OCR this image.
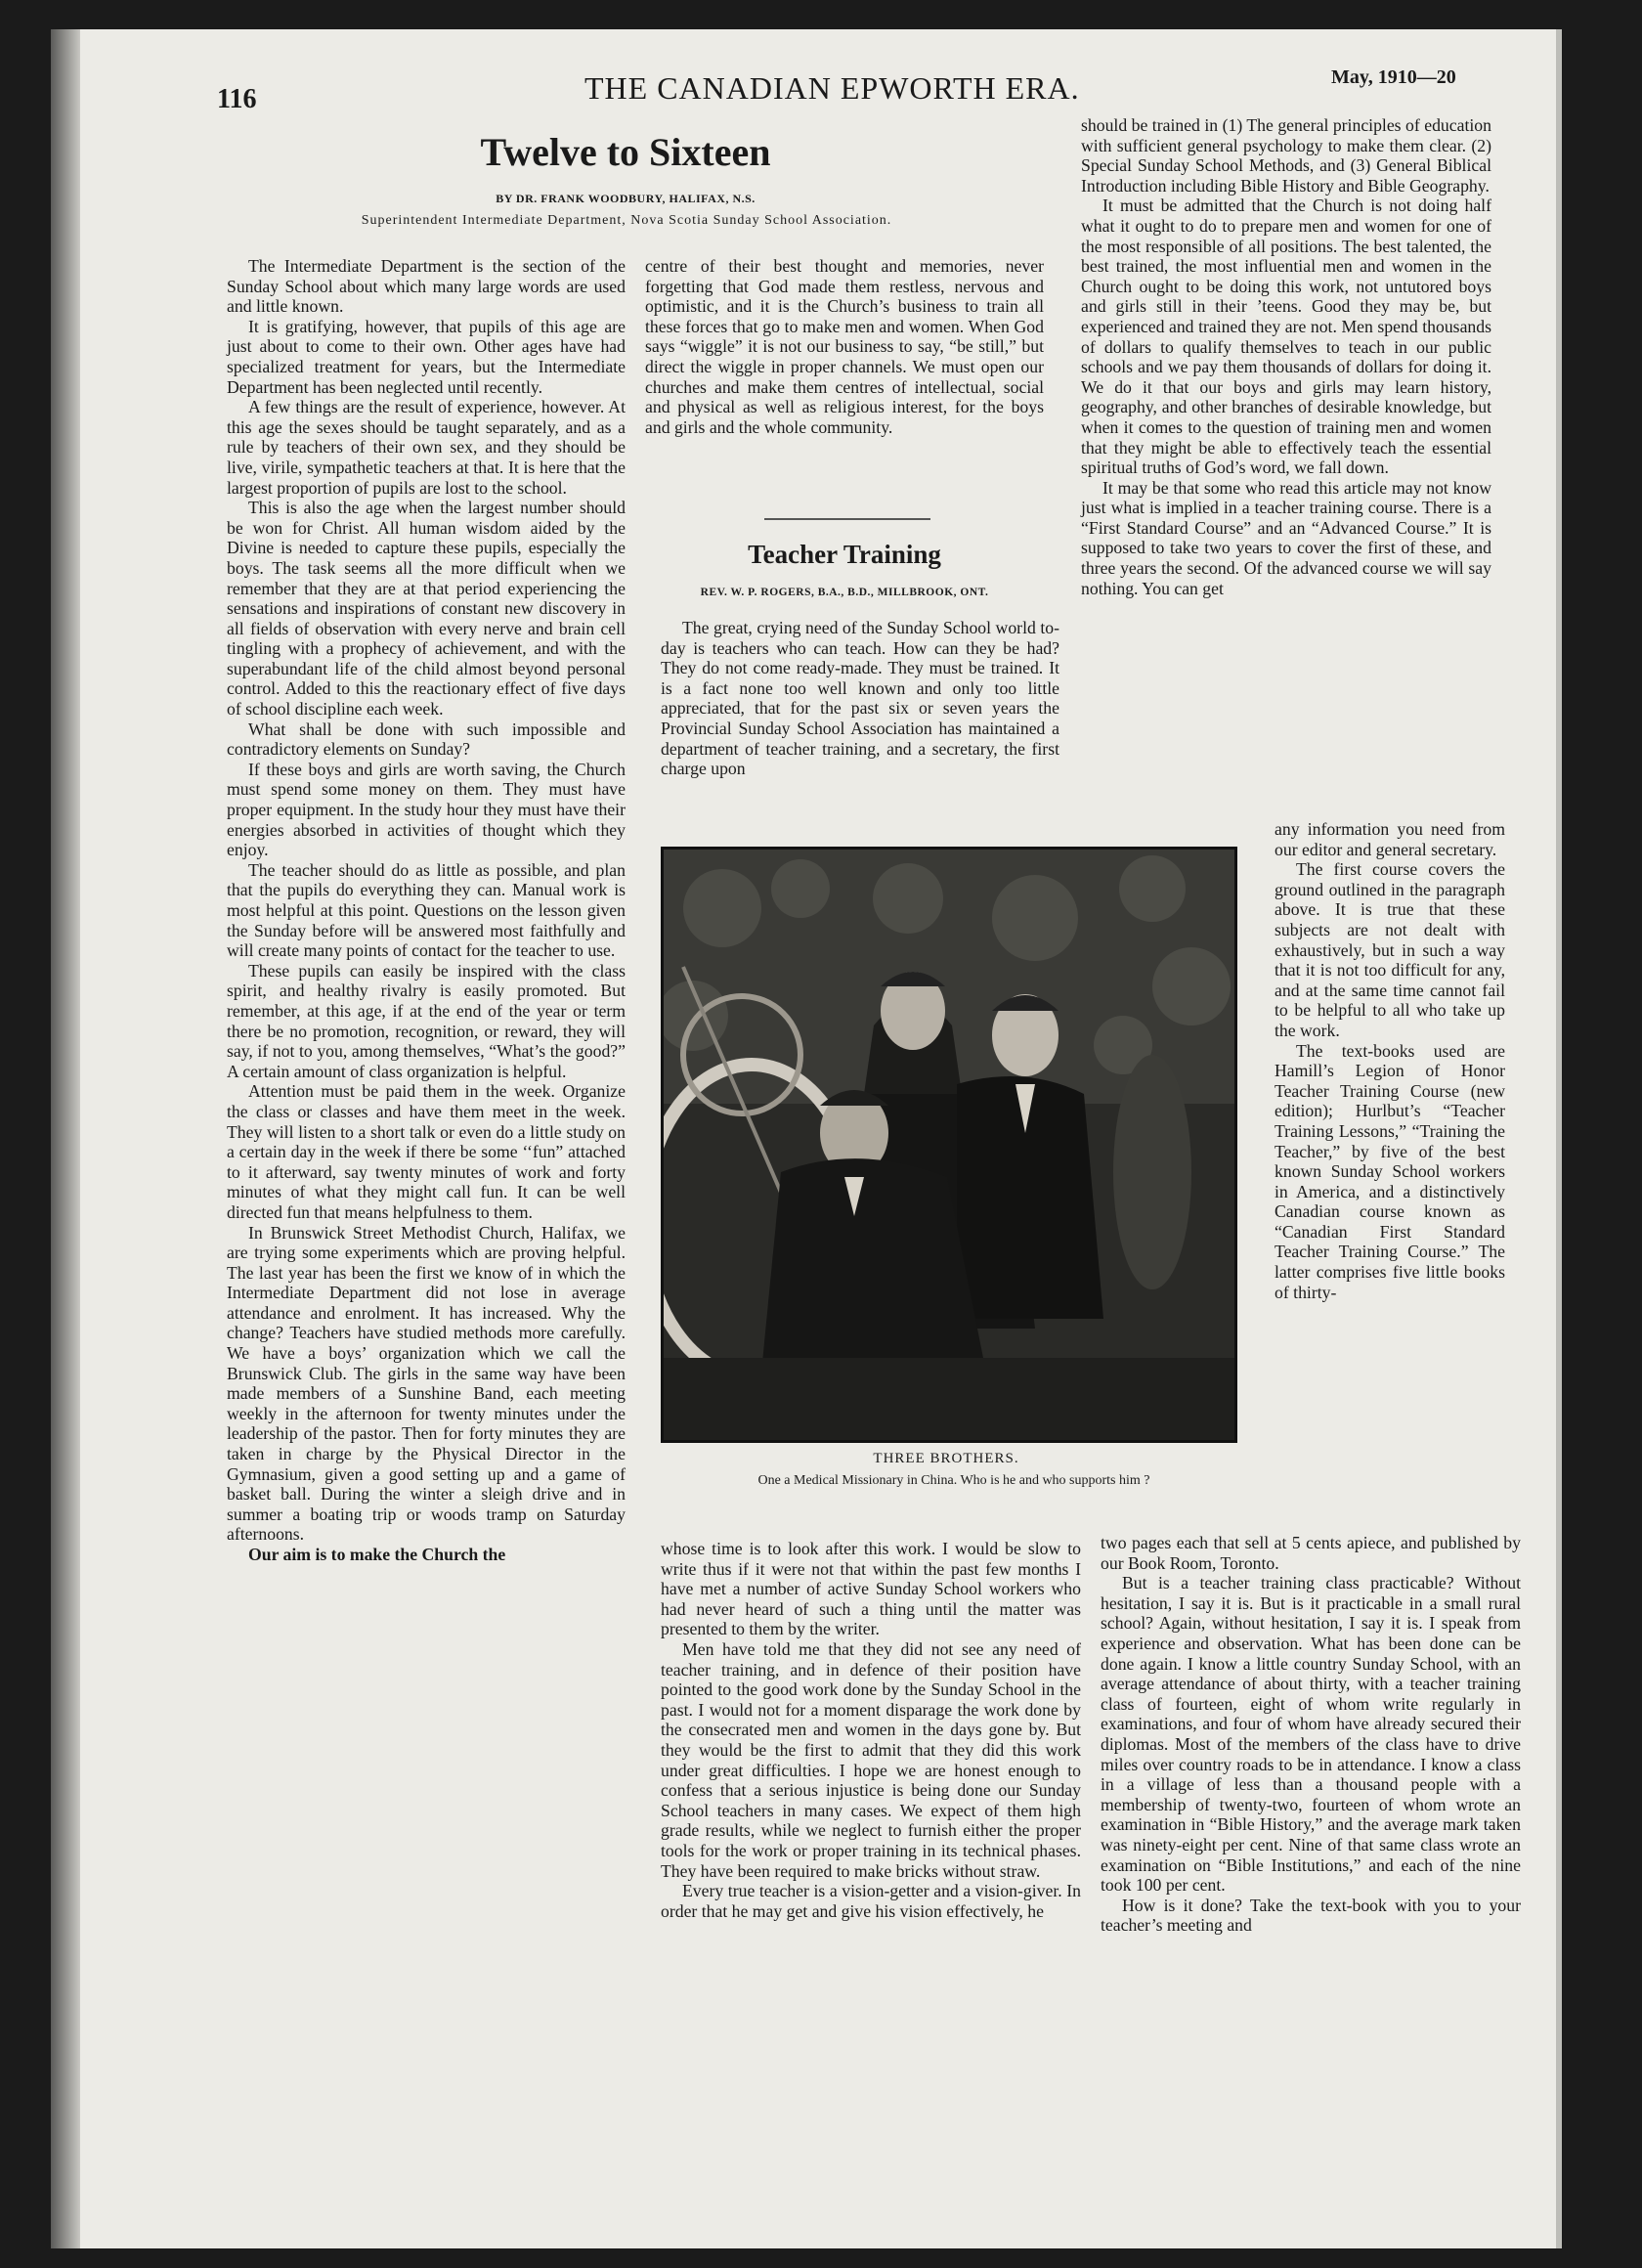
116	THE CANADIAN EPWORTH ERA.	May, 1910—20
Twelve to Sixteen
BY DR. FRANK WOODBURY, HALIFAX, N.S.
Superintendent Intermediate Department, Nova Scotia Sunday School Association.

The Intermediate Department is the section of the Sunday School about which many large words are used and little known.

It is gratifying, however, that pupils of this age are just about to come to their own. Other ages have had specialized treatment for years, but the Intermediate Department has been neglected until recently.

A few things are the result of experience, however. At this age the sexes should be taught separately, and as a rule by teachers of their own sex, and they should be live, virile, sympathetic teachers at that. It is here that the largest proportion of pupils are lost to the school.

This is also the age when the largest number should be won for Christ. All human wisdom aided by the Divine is needed to capture these pupils, especially the boys. The task seems all the more difficult when we remember that they are at that period experiencing the sensations and inspirations of constant new discovery in all fields of observation with every nerve and brain cell tingling with a prophecy of achievement, and with the superabundant life of the child almost beyond personal control. Added to this the reactionary effect of five days of school discipline each week.

What shall be done with such impossible and contradictory elements on Sunday?

If these boys and girls are worth saving, the Church must spend some money on them. They must have proper equipment. In the study hour they must have their energies absorbed in activities of thought which they enjoy.

The teacher should do as little as possible, and plan that the pupils do everything they can. Manual work is most helpful at this point. Questions on the lesson given the Sunday before will be answered most faithfully and will create many points of contact for the teacher to use.

These pupils can easily be inspired with the class spirit, and healthy rivalry is easily promoted. But remember, at this age, if at the end of the year or term there be no promotion, recognition, or reward, they will say, if not to you, among themselves, “What’s the good?” A certain amount of class organization is helpful.

Attention must be paid them in the week. Organize the class or classes and have them meet in the week. They will listen to a short talk or even do a little study on a certain day in the week if there be some ‘‘fun” attached to it afterward, say twenty minutes of work and forty minutes of what they might call fun. It can be well directed fun that means helpfulness to them.

In Brunswick Street Methodist Church, Halifax, we are trying some experiments which are proving helpful. The last year has been the first we know of in which the Intermediate Department did not lose in average attendance and enrolment. It has increased. Why the change? Teachers have studied methods more carefully. We have a boys’ organization which we call the Brunswick Club. The girls in the same way have been made members of a Sunshine Band, each meeting weekly in the afternoon for twenty minutes under the leadership of the pastor. Then for forty minutes they are taken in charge by the Physical Director in the Gymnasium, given a good setting up and a game of basket ball. During the winter a sleigh drive and in summer a boating trip or woods tramp on Saturday afternoons.

Our aim is to make the Church the

centre of their best thought and memories, never forgetting that God made them restless, nervous and optimistic, and it is the Church’s business to train all these forces that go to make men and women. When God says “wiggle” it is not our business to say, “be still,” but direct the wiggle in proper channels. We must open our churches and make them centres of intellectual, social and physical as well as religious interest, for the boys and girls and the whole community.

Teacher Training
REV. W. P. ROGERS, B.A., B.D., MILLBROOK, ONT.

The great, crying need of the Sunday School world to-day is teachers who can teach. How can they be had? They do not come ready-made. They must be trained. It is a fact none too well known and only too little appreciated, that for the past six or seven years the Provincial Sunday School Association has maintained a department of teacher training, and a secretary, the first charge upon

THREE BROTHERS.
One a Medical Missionary in China. Who is he and who supports him ?

whose time is to look after this work. I would be slow to write thus if it were not that within the past few months I have met a number of active Sunday School workers who had never heard of such a thing until the matter was presented to them by the writer.

Men have told me that they did not see any need of teacher training, and in defence of their position have pointed to the good work done by the Sunday School in the past. I would not for a moment disparage the work done by the consecrated men and women in the days gone by. But they would be the first to admit that they did this work under great difficulties. I hope we are honest enough to confess that a serious injustice is being done our Sunday School teachers in many cases. We expect of them high grade results, while we neglect to furnish either the proper tools for the work or proper training in its technical phases. They have been required to make bricks without straw.

Every true teacher is a vision-getter and a vision-giver. In order that he may get and give his vision effectively, he

should be trained in (1) The general principles of education with sufficient general psychology to make them clear. (2) Special Sunday School Methods, and (3) General Biblical Introduction including Bible History and Bible Geography.

It must be admitted that the Church is not doing half what it ought to do to prepare men and women for one of the most responsible of all positions. The best talented, the best trained, the most influential men and women in the Church ought to be doing this work, not untutored boys and girls still in their ’teens. Good they may be, but experienced and trained they are not. Men spend thousands of dollars to qualify themselves to teach in our public schools and we pay them thousands of dollars for doing it. We do it that our boys and girls may learn history, geography, and other branches of desirable knowledge, but when it comes to the question of training men and women that they might be able to effectively teach the essential spiritual truths of God’s word, we fall down.

It may be that some who read this article may not know just what is implied in a teacher training course. There is a “First Standard Course” and an “Advanced Course.” It is supposed to take two years to cover the first of these, and three years the second. Of the advanced course we will say nothing. You can get

any information you need from our editor and general secretary.

The first course covers the ground outlined in the paragraph above. It is true that these subjects are not dealt with exhaustively, but in such a way that it is not too difficult for any, and at the same time cannot fail to be helpful to all who take up the work.

The text-books used are Hamill’s Legion of Honor Teacher Training Course (new edition); Hurlbut’s “Teacher Training Lessons,” “Training the Teacher,” by five of the best known Sunday School workers in America, and a distinctively Canadian course known as “Canadian First Standard Teacher Training Course.” The latter comprises five little books of thirty-

two pages each that sell at 5 cents apiece, and published by our Book Room, Toronto.

But is a teacher training class practicable? Without hesitation, I say it is. But is it practicable in a small rural school? Again, without hesitation, I say it is. I speak from experience and observation. What has been done can be done again. I know a little country Sunday School, with an average attendance of about thirty, with a teacher training class of fourteen, eight of whom write regularly in examinations, and four of whom have already secured their diplomas. Most of the members of the class have to drive miles over country roads to be in attendance. I know a class in a village of less than a thousand people with a membership of twenty-two, fourteen of whom wrote an examination in “Bible History,” and the average mark taken was ninety-eight per cent. Nine of that same class wrote an examination on “Bible Institutions,” and each of the nine took 100 per cent.

How is it done? Take the text-book with you to your teacher’s meeting and
